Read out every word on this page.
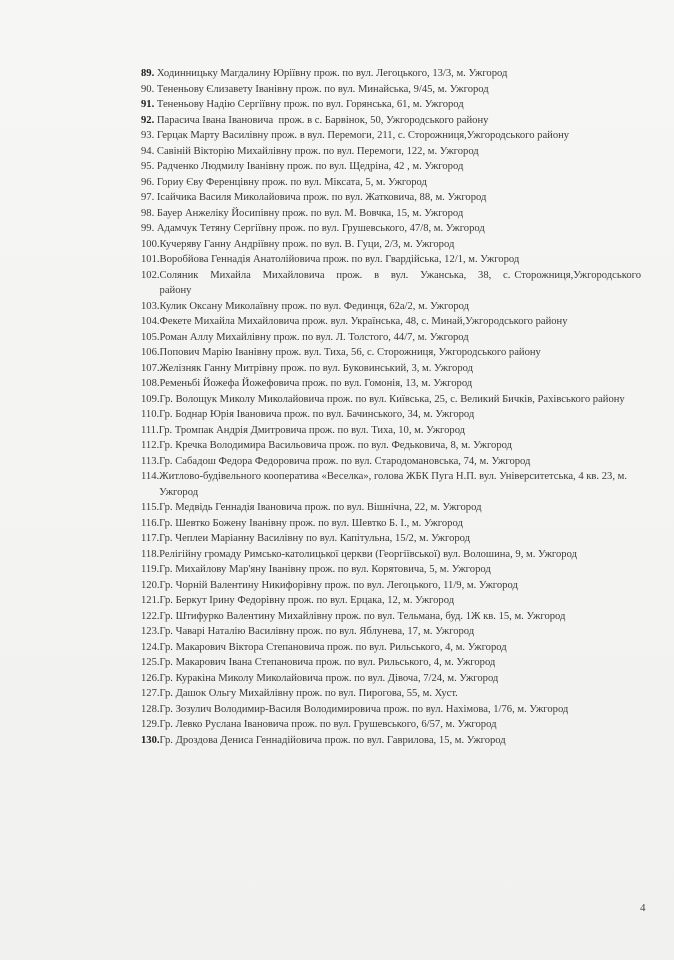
89. Ходинницьку Магдалину Юріївну прож. по вул. Легоцького, 13/3, м. Ужгород
90. Тененьову Єлизавету Іванівну прож. по вул. Минайська, 9/45, м. Ужгород
91. Тененьову Надію Сергіївну прож. по вул. Горянська, 61, м. Ужгород
92. Парасича Івана Івановича  прож. в с. Барвінок, 50, Ужгородського району
93. Герцак Марту Василівну прож. в вул. Перемоги, 211, с. Сторожниця,Ужгородського району
94. Савіній Вікторію Михайлівну прож. по вул. Перемоги, 122, м. Ужгород
95. Радченко Людмилу Іванівну прож. по вул. Щедріна, 42 , м. Ужгород
96. Гориу Єву Ференцівну прож. по вул. Міксата, 5, м. Ужгород
97. Ісайчика Василя Миколайовича прож. по вул. Жатковича, 88, м. Ужгород
98. Бауер Анжеліку Йосипівну прож. по вул. М. Вовчка, 15, м. Ужгород
99. Адамчук Тетяну Сергіївну прож. по вул. Грушевського, 47/8, м. Ужгород
100. Кучеряву Ганну Андріївну прож. по вул. В. Гуци, 2/3, м. Ужгород
101. Воробйова Геннадія Анатолійовича прож. по вул. Гвардійська, 12/1, м. Ужгород
102. Соляник   Михайла   Михайловича   прож.   в   вул.   Ужанська,   38,   с. Сторожниця,Ужгородського району
103. Кулик Оксану Миколаївну прож. по вул. Фединця, 62а/2, м. Ужгород
104. Фекете Михайла Михайловича прож. вул. Українська, 48, с. Минай,Ужгородського району
105. Роман Аллу Михайлівну прож. по вул. Л. Толстого, 44/7, м. Ужгород
106. Попович Марію Іванівну прож. вул. Тиха, 56, с. Сторожниця, Ужгородського району
107. Желізняк Ганну Митрівну прож. по вул. Буковинський, 3, м. Ужгород
108. Ременьбі Йожефа Йожефовича прож. по вул. Гомонія, 13, м. Ужгород
109. Гр. Волощук Миколу Миколайовича прож. по вул. Київська, 25, с. Великий Бичків, Рахівського району
110. Гр. Боднар Юрія Івановича прож. по вул. Бачинського, 34, м. Ужгород
111. Гр. Тромпак Андрія Дмитровича прож. по вул. Тиха, 10, м. Ужгород
112. Гр. Кречка Володимира Васильовича прож. по вул. Федьковича, 8, м. Ужгород
113. Гр. Сабадош Федора Федоровича прож. по вул. Стародомановська, 74, м. Ужгород
114. Житлово-будівельного кооператива «Веселка», голова ЖБК Пуга Н.П. вул. Університетська, 4 кв. 23, м. Ужгород
115. Гр. Медвідь Геннадія Івановича прож. по вул. Вішнічна, 22, м. Ужгород
116. Гр. Шевтко Божену Іванівну прож. по вул. Шевтко Б. І., м. Ужгород
117. Гр. Чеплеи Маріанну Василівну по вул. Капітульна, 15/2, м. Ужгород
118. Релігійну громаду Римсько-католицької церкви (Георгіївської) вул. Волошина, 9, м. Ужгород
119. Гр. Михайлову Мар'яну Іванівну прож. по вул. Корятовича, 5, м. Ужгород
120. Гр. Чорній Валентину Никифорівну прож. по вул. Легоцького, 11/9, м. Ужгород
121. Гр. Беркут Ірину Федорівну прож. по вул. Ерцака, 12, м. Ужгород
122. Гр. Штифурко Валентину Михайлівну прож. по вул. Тельмана, буд. 1Ж кв. 15, м. Ужгород
123. Гр. Чаварі Наталію Василівну прож. по вул. Яблунева, 17, м. Ужгород
124. Гр. Макарович Віктора Степановича прож. по вул. Рильського, 4, м. Ужгород
125. Гр. Макарович Івана Степановича прож. по вул. Рильського, 4, м. Ужгород
126. Гр. Куракіна Миколу Миколайовича прож. по вул. Дівоча, 7/24, м. Ужгород
127. Гр. Дашок Ольгу Михайлівну прож. по вул. Пирогова, 55, м. Хуст.
128. Гр. Зозулич Володимир-Василя Володимировича прож. по вул. Нахімова, 1/76, м. Ужгород
129. Гр. Левко Руслана Івановича прож. по вул. Грушевського, 6/57, м. Ужгород
130. Гр. Дроздова Дениса Геннадійовича прож. по вул. Гаврилова, 15, м. Ужгород
4
